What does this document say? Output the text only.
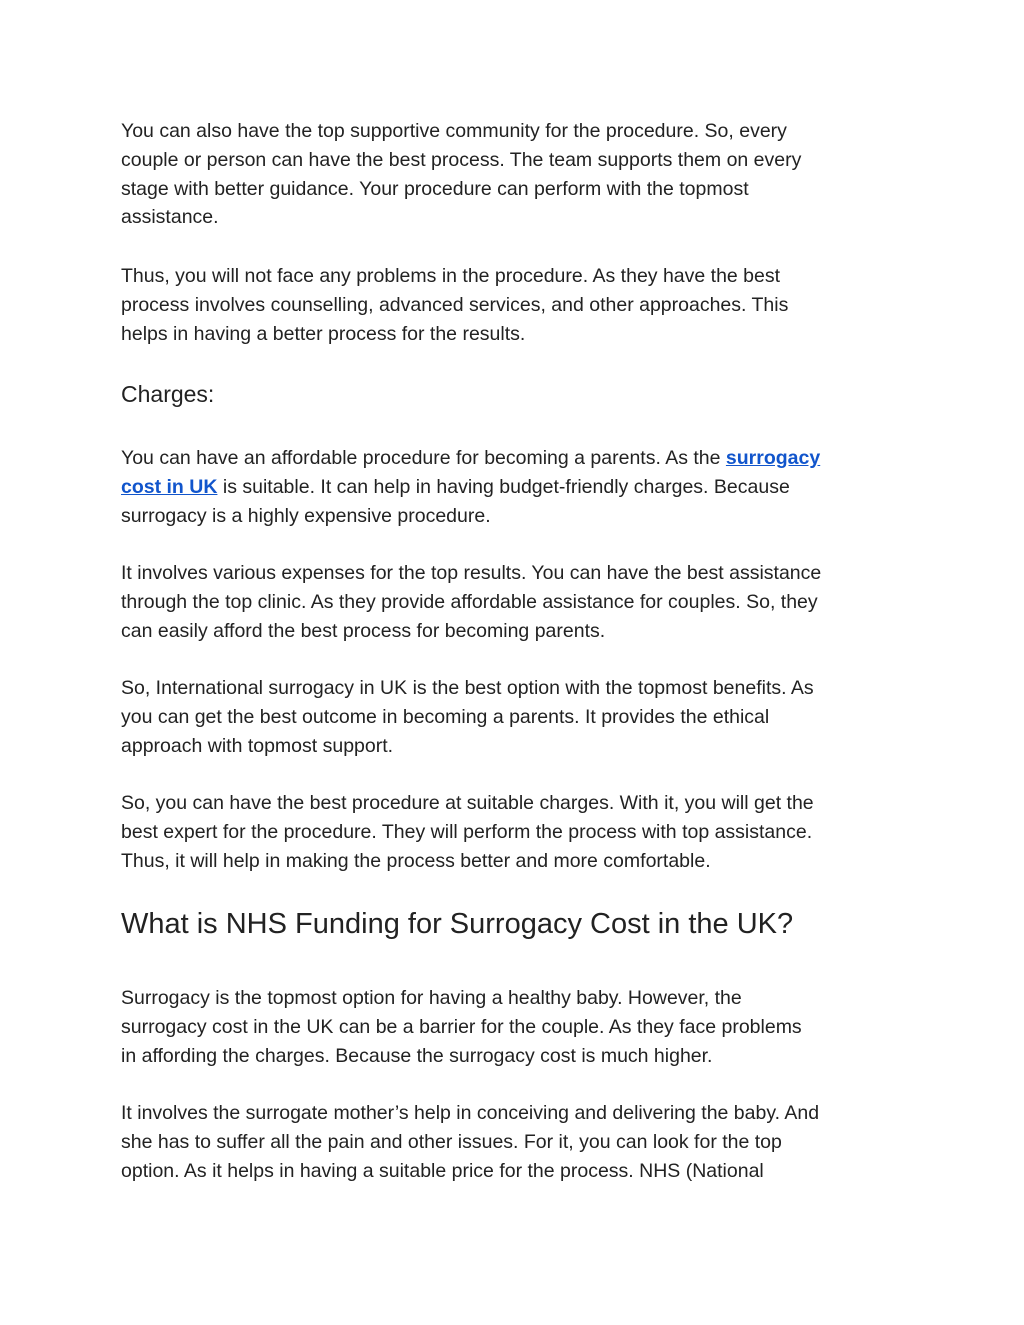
You can also have the top supportive community for the procedure. So, every
couple or person can have the best process. The team supports them on every
stage with better guidance. Your procedure can perform with the topmost
assistance.

Thus, you will not face any problems in the procedure. As they have the best
process involves counselling, advanced services, and other approaches. This
helps in having a better process for the results.

Charges:

You can have an affordable procedure for becoming a parents. As the surrogacy
cost in UK is suitable. It can help in having budget-friendly charges. Because
surrogacy is a highly expensive procedure.

It involves various expenses for the top results. You can have the best assistance
through the top clinic. As they provide affordable assistance for couples. So, they
can easily afford the best process for becoming parents.

So, International surrogacy in UK is the best option with the topmost benefits. As
you can get the best outcome in becoming a parents. It provides the ethical
approach with topmost support.

So, you can have the best procedure at suitable charges. With it, you will get the
best expert for the procedure. They will perform the process with top assistance.
Thus, it will help in making the process better and more comfortable.

What is NHS Funding for Surrogacy Cost in the UK?

Surrogacy is the topmost option for having a healthy baby. However, the
surrogacy cost in the UK can be a barrier for the couple. As they face problems
in affording the charges. Because the surrogacy cost is much higher.

It involves the surrogate mother’s help in conceiving and delivering the baby. And
she has to suffer all the pain and other issues. For it, you can look for the top
option. As it helps in having a suitable price for the process. NHS (National
